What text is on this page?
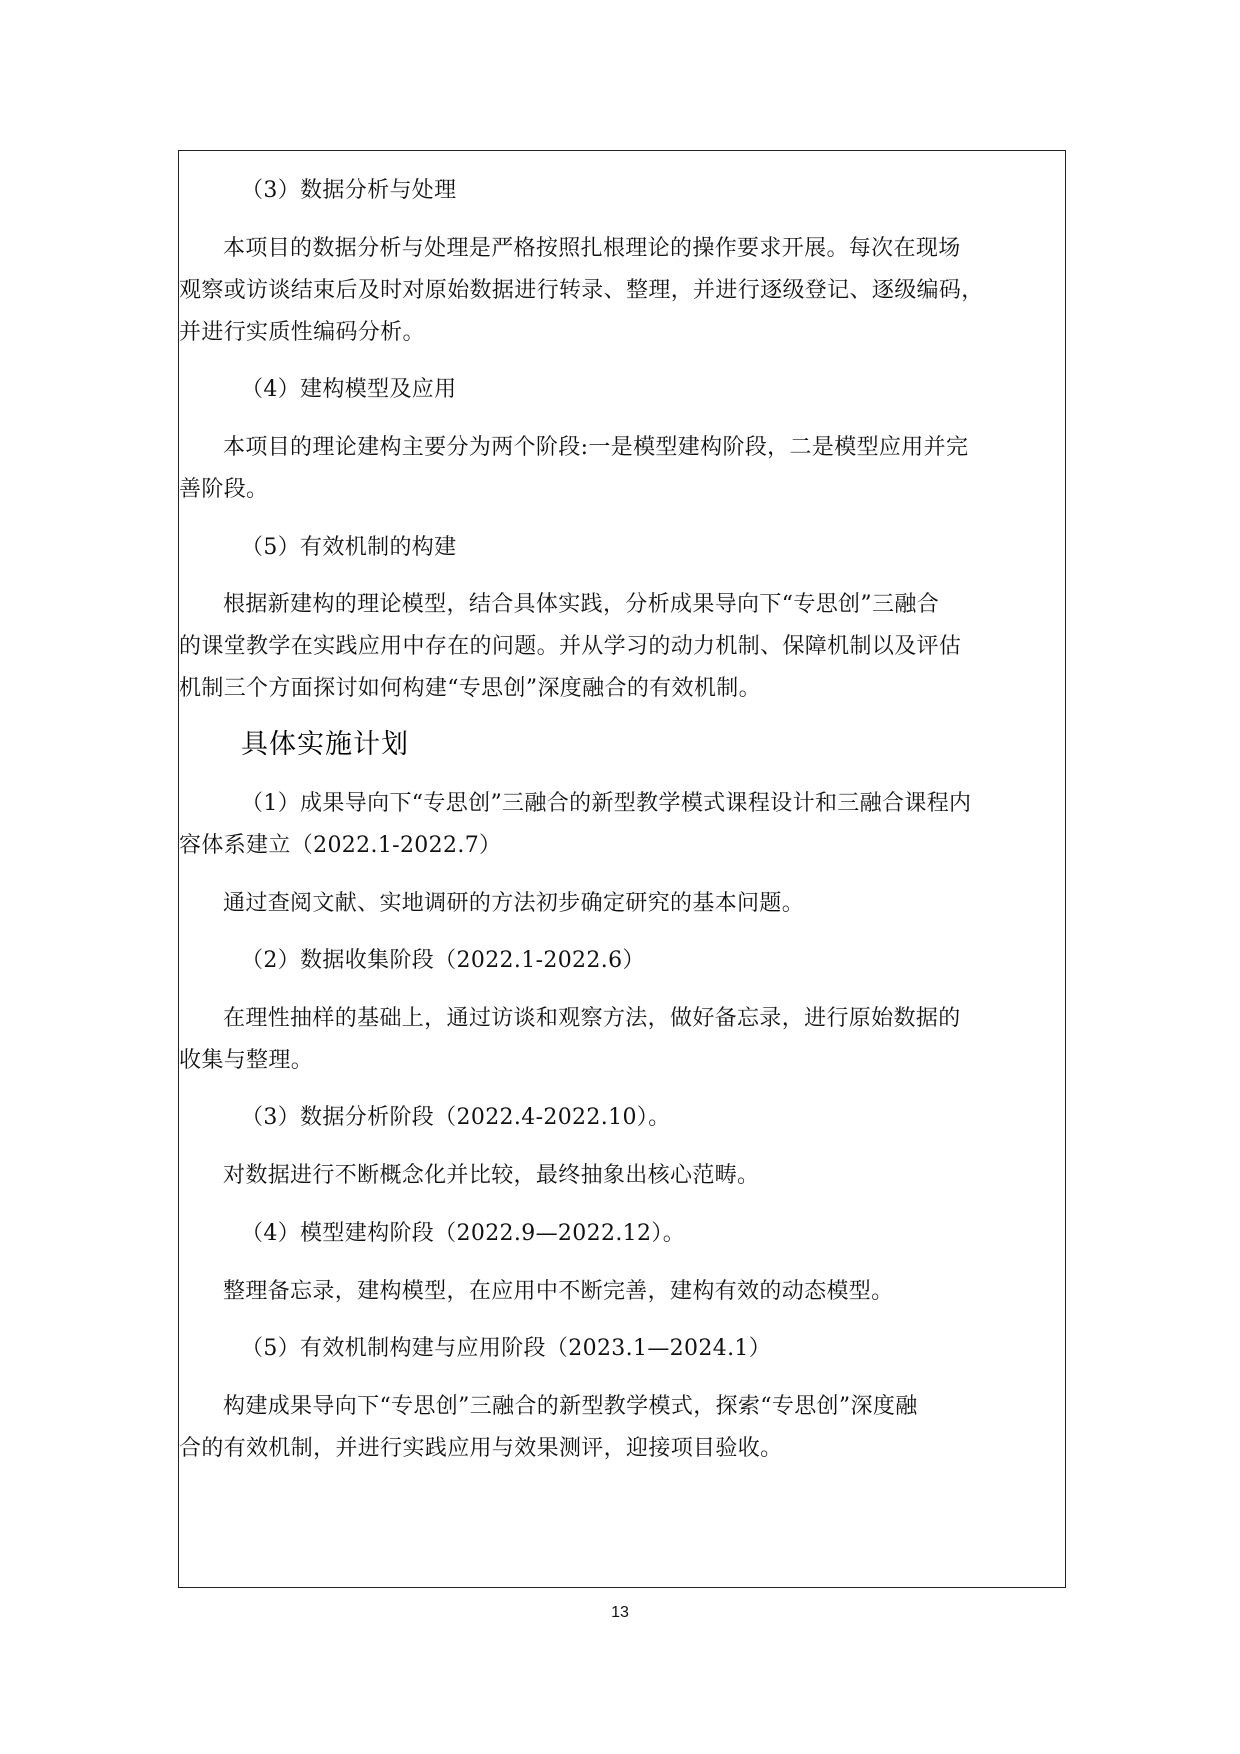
（3）数据分析与处理
本项目的数据分析与处理是严格按照扎根理论的操作要求开展。每次在现场
观察或访谈结束后及时对原始数据进行转录、整理，并进行逐级登记、逐级编码，
并进行实质性编码分析。
（4）建构模型及应用
本项目的理论建构主要分为两个阶段:一是模型建构阶段，二是模型应用并完
善阶段。
（5）有效机制的构建
根据新建构的理论模型，结合具体实践，分析成果导向下“专思创”三融合
的课堂教学在实践应用中存在的问题。并从学习的动力机制、保障机制以及评估
机制三个方面探讨如何构建“专思创”深度融合的有效机制。
具体实施计划
（1）成果导向下“专思创”三融合的新型教学模式课程设计和三融合课程内
容体系建立（2022.1-2022.7）
通过查阅文献、实地调研的方法初步确定研究的基本问题。
（2）数据收集阶段（2022.1-2022.6）
在理性抽样的基础上，通过访谈和观察方法，做好备忘录，进行原始数据的
收集与整理。
（3）数据分析阶段（2022.4-2022.10）。
对数据进行不断概念化并比较，最终抽象出核心范畴。
（4）模型建构阶段（2022.9—2022.12）。
整理备忘录，建构模型，在应用中不断完善，建构有效的动态模型。
（5）有效机制构建与应用阶段（2023.1—2024.1）
构建成果导向下“专思创”三融合的新型教学模式，探索“专思创”深度融
合的有效机制，并进行实践应用与效果测评，迎接项目验收。
13
